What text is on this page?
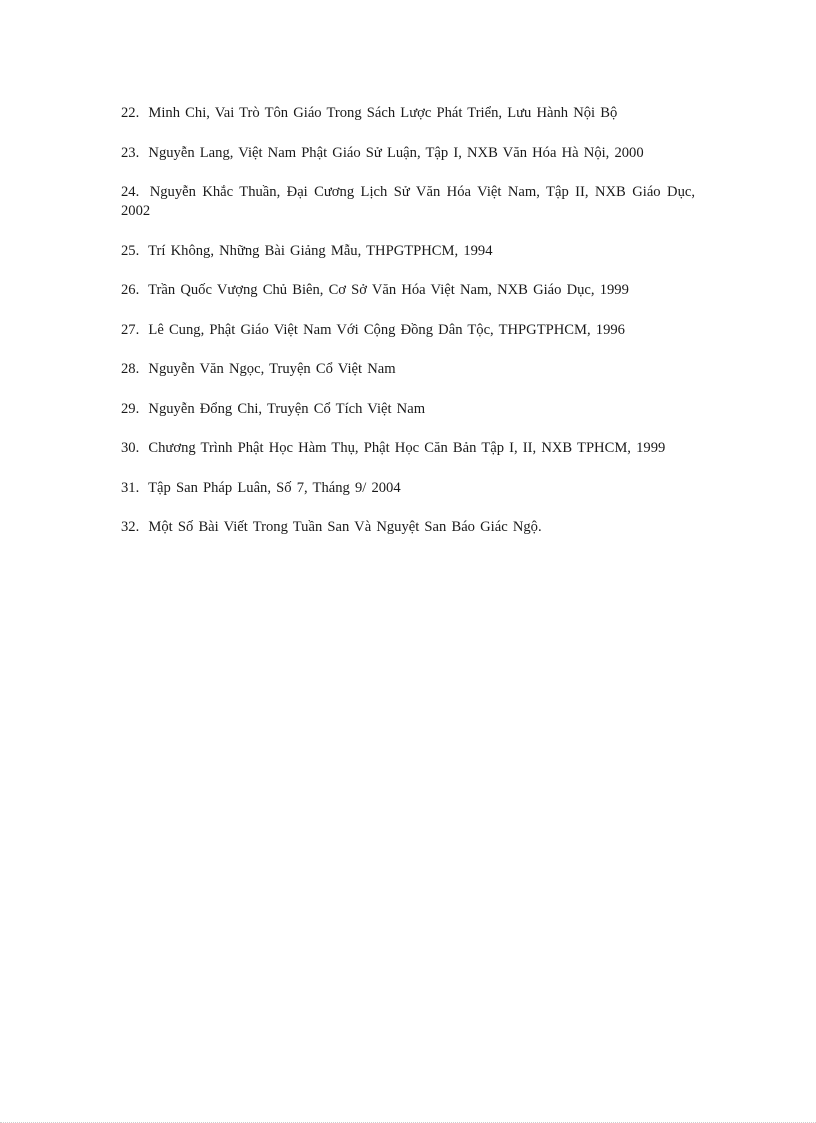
22. Minh Chi, Vai Trò Tôn Giáo Trong Sách Lược Phát Triển, Lưu Hành Nội Bộ
23. Nguyễn Lang, Việt Nam Phật Giáo Sử Luận, Tập I, NXB Văn Hóa Hà Nội, 2000
24. Nguyễn Khắc Thuần, Đại Cương Lịch Sử Văn Hóa Việt Nam, Tập II, NXB Giáo Dục, 2002
25. Trí Không, Những Bài Giảng Mẫu, THPGTPHCM, 1994
26. Trần Quốc Vượng Chủ Biên, Cơ Sở Văn Hóa Việt Nam, NXB Giáo Dục, 1999
27. Lê Cung, Phật Giáo Việt Nam Với Cộng Đồng Dân Tộc, THPGTPHCM, 1996
28. Nguyễn Văn Ngọc, Truyện Cổ Việt Nam
29. Nguyễn Đổng Chi, Truyện Cổ Tích Việt Nam
30. Chương Trình Phật Học Hàm Thụ, Phật Học Căn Bản Tập I, II, NXB TPHCM, 1999
31. Tập San Pháp Luân, Số 7, Tháng 9/ 2004
32. Một Số Bài Viết Trong Tuần San Và Nguyệt San Báo Giác Ngộ.
